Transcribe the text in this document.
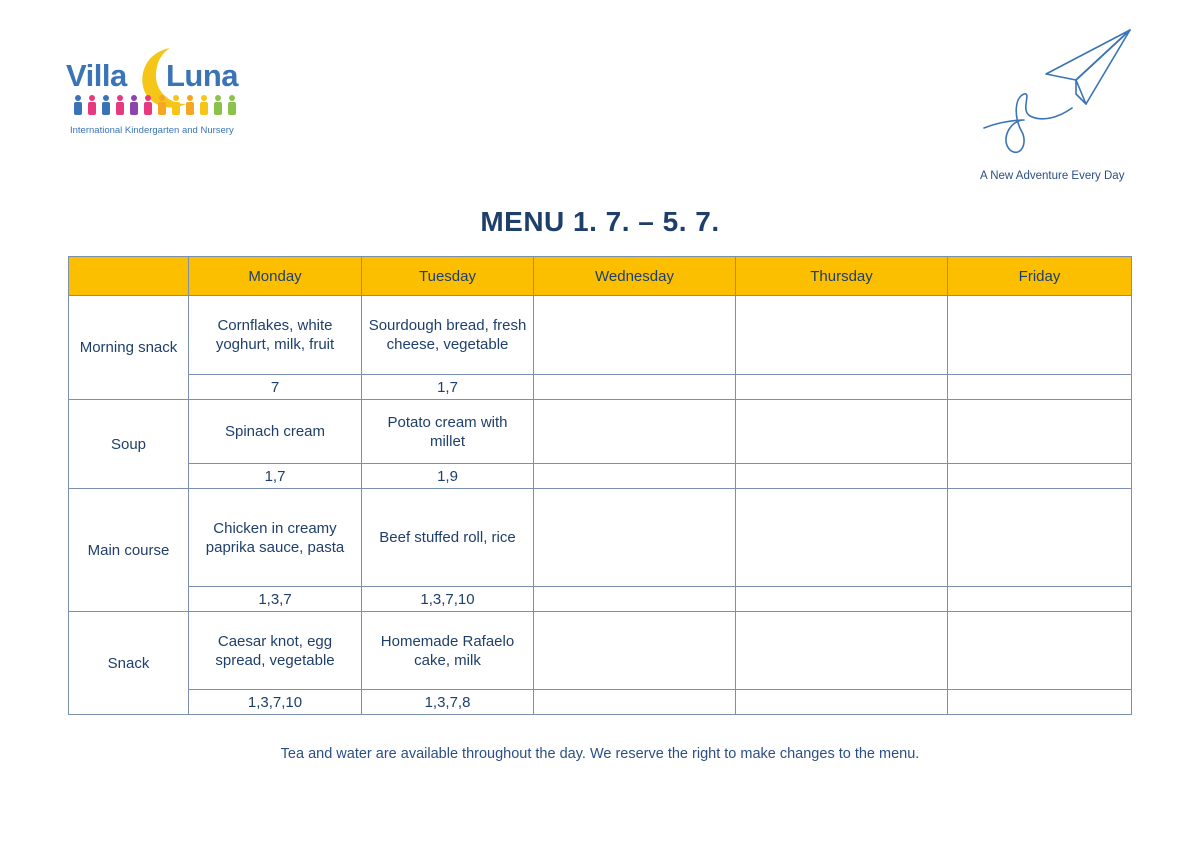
Villa Luna
International Kindergarten and Nursery
A New Adventure Every Day
MENU 1. 7. – 5. 7.
	Monday	Tuesday	Wednesday	Thursday	Friday
Morning snack	Cornflakes, white yoghurt, milk, fruit	Sourdough bread, fresh cheese, vegetable			
	7	1,7			
Soup	Spinach cream	Potato cream with millet			
	1,7	1,9			
Main course	Chicken in creamy paprika sauce, pasta	Beef stuffed roll, rice			
	1,3,7	1,3,7,10			
Snack	Caesar knot, egg spread, vegetable	Homemade Rafaelo cake, milk			
	1,3,7,10	1,3,7,8			
Tea and water are available throughout the day. We reserve the right to make changes to the menu.
